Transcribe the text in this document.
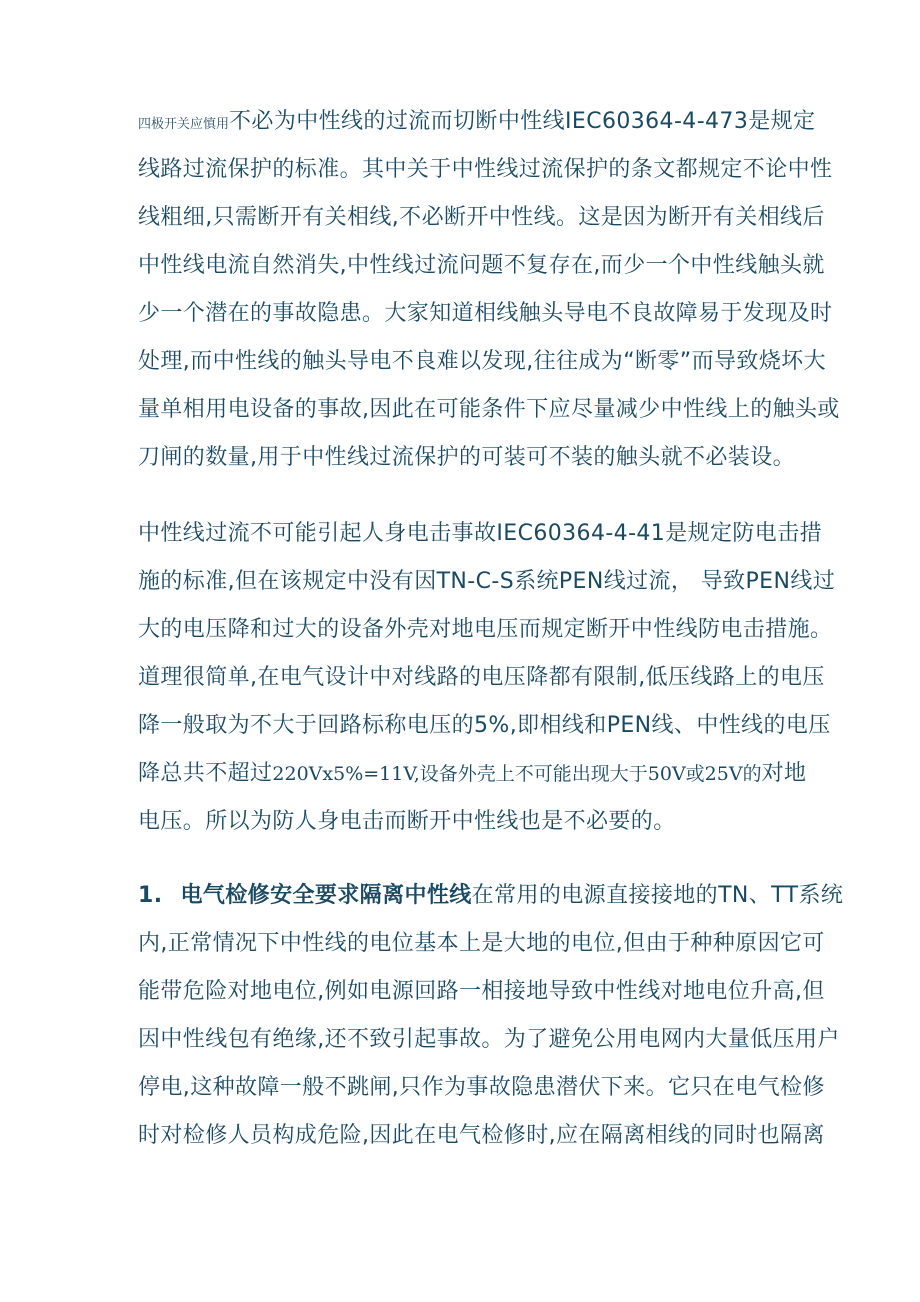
四极开关应慎用不必为中性线的过流而切断中性线IEC60364-4-473是规定
线路过流保护的标准。其中关于中性线过流保护的条文都规定不论中性
线粗细,只需断开有关相线,不必断开中性线。这是因为断开有关相线后
中性线电流自然消失,中性线过流问题不复存在,而少一个中性线触头就
少一个潜在的事故隐患。大家知道相线触头导电不良故障易于发现及时
处理,而中性线的触头导电不良难以发现,往往成为“断零”而导致烧坏大
量单相用电设备的事故,因此在可能条件下应尽量减少中性线上的触头或
刀闸的数量,用于中性线过流保护的可装可不装的触头就不必装设。
中性线过流不可能引起人身电击事故IEC60364-4-41是规定防电击措
施的标准,但在该规定中没有因TN-C-S系统PEN线过流， 导致PEN线过
大的电压降和过大的设备外壳对地电压而规定断开中性线防电击措施。
道理很简单,在电气设计中对线路的电压降都有限制,低压线路上的电压
降一般取为不大于回路标称电压的5%,即相线和PEN线、中性线的电压
降总共不超过220Vx5%=11V,设备外壳上不可能出现大于50V或25V的对地
电压。所以为防人身电击而断开中性线也是不必要的。
1. 电气检修安全要求隔离中性线在常用的电源直接接地的TN、TT系统
内,正常情况下中性线的电位基本上是大地的电位,但由于种种原因它可
能带危险对地电位,例如电源回路一相接地导致中性线对地电位升高,但
因中性线包有绝缘,还不致引起事故。为了避免公用电网内大量低压用户
停电,这种故障一般不跳闸,只作为事故隐患潜伏下来。它只在电气检修
时对检修人员构成危险,因此在电气检修时,应在隔离相线的同时也隔离
